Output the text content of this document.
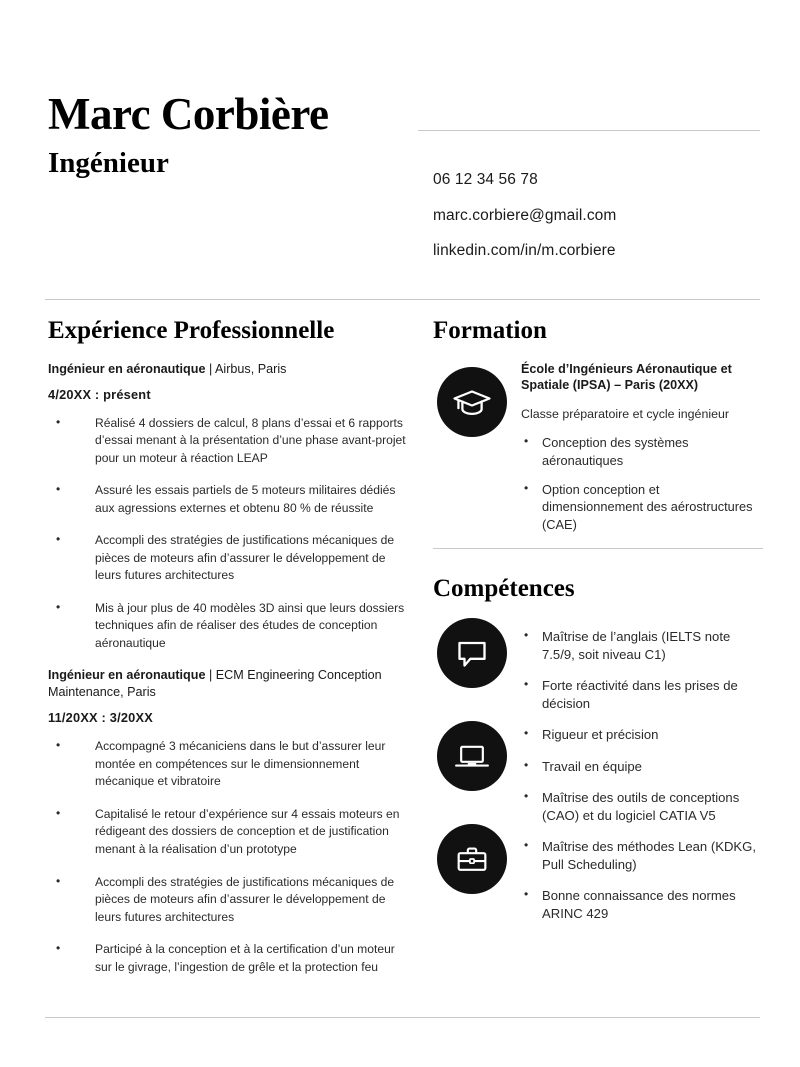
Marc Corbière
Ingénieur
06 12 34 56 78
marc.corbiere@gmail.com
linkedin.com/in/m.corbiere
Expérience Professionnelle
Ingénieur en aéronautique | Airbus, Paris
4/20XX : présent
• Réalisé 4 dossiers de calcul, 8 plans d’essai et 6 rapports d’essai menant à la présentation d’une phase avant-projet pour un moteur à réaction LEAP
• Assuré les essais partiels de 5 moteurs militaires dédiés aux agressions externes et obtenu 80 % de réussite
• Accompli des stratégies de justifications mécaniques de pièces de moteurs afin d’assurer le développement de leurs futures architectures
• Mis à jour plus de 40 modèles 3D ainsi que leurs dossiers techniques afin de réaliser des études de conception aéronautique
Ingénieur en aéronautique | ECM Engineering Conception Maintenance, Paris
11/20XX : 3/20XX
• Accompagné 3 mécaniciens dans le but d’assurer leur montée en compétences sur le dimensionnement mécanique et vibratoire
• Capitalisé le retour d’expérience sur 4 essais moteurs en rédigeant des dossiers de conception et de justification menant à la réalisation d’un prototype
• Accompli des stratégies de justifications mécaniques de pièces de moteurs afin d’assurer le développement de leurs futures architectures
• Participé à la conception et à la certification d’un moteur sur le givrage, l’ingestion de grêle et la protection feu
Formation
École d’Ingénieurs Aéronautique et Spatiale (IPSA) – Paris (20XX)
Classe préparatoire et cycle ingénieur
• Conception des systèmes aéronautiques
• Option conception et dimensionnement des aérostructures (CAE)
Compétences
• Maîtrise de l’anglais (IELTS note 7.5/9, soit niveau C1)
• Forte réactivité dans les prises de décision
• Rigueur et précision
• Travail en équipe
• Maîtrise des outils de conceptions (CAO) et du logiciel CATIA V5
• Maîtrise des méthodes Lean (KDKG, Pull Scheduling)
• Bonne connaissance des normes ARINC 429
